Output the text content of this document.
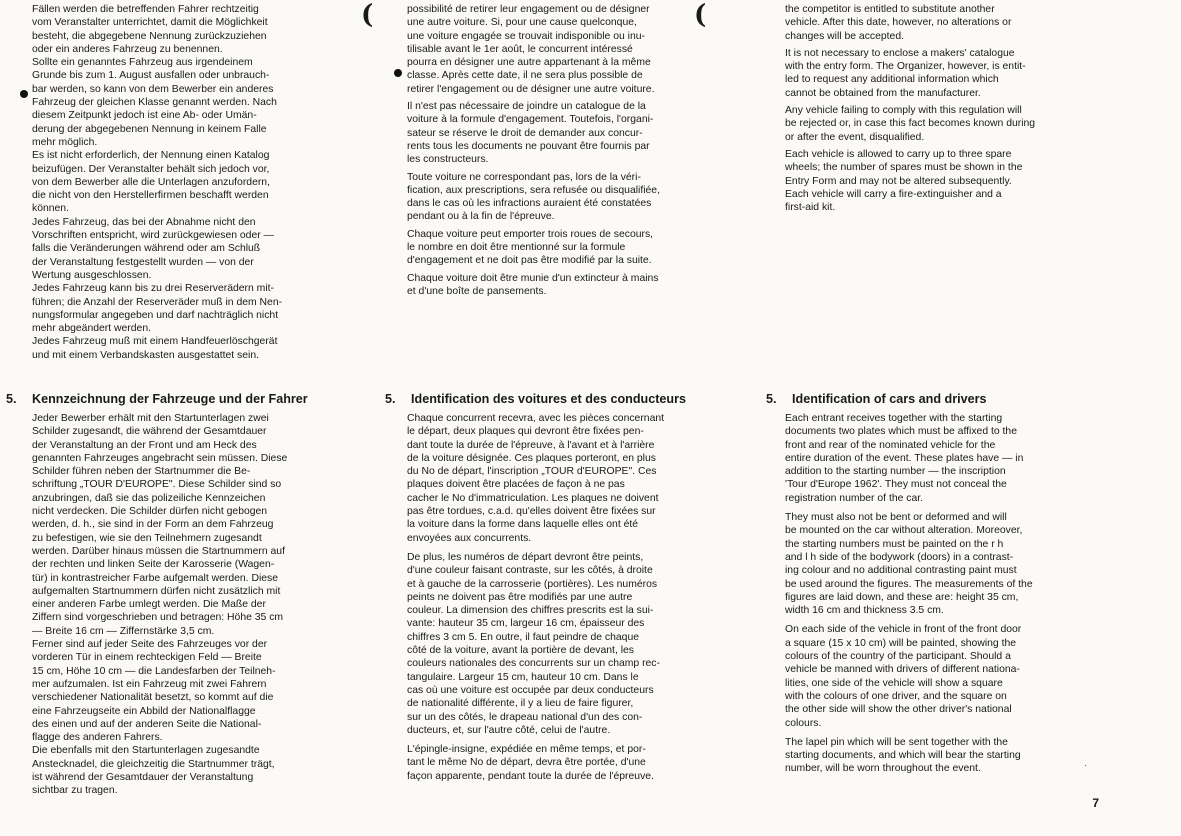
(	(

Fällen werden die betreffenden Fahrer rechtzeitig
vom Veranstalter unterrichtet, damit die Möglichkeit
besteht, die abgegebene Nennung zurückzuziehen
oder ein anderes Fahrzeug zu benennen.
Sollte ein genanntes Fahrzeug aus irgendeinem
Grunde bis zum 1. August ausfallen oder unbrauch-
bar werden, so kann von dem Bewerber ein anderes
Fahrzeug der gleichen Klasse genannt werden. Nach
diesem Zeitpunkt jedoch ist eine Ab- oder Umän-
derung der abgegebenen Nennung in keinem Falle
mehr möglich.
Es ist nicht erforderlich, der Nennung einen Katalog
beizufügen. Der Veranstalter behält sich jedoch vor,
von dem Bewerber alle die Unterlagen anzufordern,
die nicht von den Herstellerfirmen beschafft werden
können.
Jedes Fahrzeug, das bei der Abnahme nicht den
Vorschriften entspricht, wird zurückgewiesen oder —
falls die Veränderungen während oder am Schluß
der Veranstaltung festgestellt wurden — von der
Wertung ausgeschlossen.
Jedes Fahrzeug kann bis zu drei Reserverädern mit-
führen; die Anzahl der Reserveräder muß in dem Nen-
nungsformular angegeben und darf nachträglich nicht
mehr abgeändert werden.
Jedes Fahrzeug muß mit einem Handfeuerlöschgerät
und mit einem Verbandskasten ausgestattet sein.

5. Kennzeichnung der Fahrzeuge und der Fahrer

Jeder Bewerber erhält mit den Startunterlagen zwei
Schilder zugesandt, die während der Gesamtdauer
der Veranstaltung an der Front und am Heck des
genannten Fahrzeuges angebracht sein müssen. Diese
Schilder führen neben der Startnummer die Be-
schriftung „TOUR D'EUROPE". Diese Schilder sind so
anzubringen, daß sie das polizeiliche Kennzeichen
nicht verdecken. Die Schilder dürfen nicht gebogen
werden, d. h., sie sind in der Form an dem Fahrzeug
zu befestigen, wie sie den Teilnehmern zugesandt
werden. Darüber hinaus müssen die Startnummern auf
der rechten und linken Seite der Karosserie (Wagen-
tür) in kontrastreicher Farbe aufgemalt werden. Diese
aufgemalten Startnummern dürfen nicht zusätzlich mit
einer anderen Farbe umlegt werden. Die Maße der
Ziffern sind vorgeschrieben und betragen: Höhe 35 cm
— Breite 16 cm — Ziffernstärke 3,5 cm.
Ferner sind auf jeder Seite des Fahrzeuges vor der
vorderen Tür in einem rechteckigen Feld — Breite
15 cm, Höhe 10 cm — die Landesfarben der Teilneh-
mer aufzumalen. Ist ein Fahrzeug mit zwei Fahrern
verschiedener Nationalität besetzt, so kommt auf die
eine Fahrzeugseite ein Abbild der Nationalflagge
des einen und auf der anderen Seite die National-
flagge des anderen Fahrers.
Die ebenfalls mit den Startunterlagen zugesandte
Anstecknadel, die gleichzeitig die Startnummer trägt,
ist während der Gesamtdauer der Veranstaltung
sichtbar zu tragen.

possibilité de retirer leur engagement ou de désigner
une autre voiture. Si, pour une cause quelconque,
une voiture engagée se trouvait indisponible ou inu-
tilisable avant le 1er août, le concurrent intéressé
pourra en désigner une autre appartenant à la même
classe. Après cette date, il ne sera plus possible de
retirer l'engagement ou de désigner une autre voiture.

Il n'est pas nécessaire de joindre un catalogue de la
voiture à la formule d'engagement. Toutefois, l'organi-
sateur se réserve le droit de demander aux concur-
rents tous les documents ne pouvant être fournis par
les constructeurs.

Toute voiture ne correspondant pas, lors de la véri-
fication, aux prescriptions, sera refusée ou disqualifiée,
dans le cas où les infractions auraient été constatées
pendant ou à la fin de l'épreuve.

Chaque voiture peut emporter trois roues de secours,
le nombre en doit être mentionné sur la formule
d'engagement et ne doit pas être modifié par la suite.

Chaque voiture doit être munie d'un extincteur à mains
et d'une boîte de pansements.

5. Identification des voitures et des conducteurs

Chaque concurrent recevra, avec les pièces concernant
le départ, deux plaques qui devront être fixées pen-
dant toute la durée de l'épreuve, à l'avant et à l'arrière
de la voiture désignée. Ces plaques porteront, en plus
du No de départ, l'inscription „TOUR d'EUROPE". Ces
plaques doivent être placées de façon à ne pas
cacher le No d'immatriculation. Les plaques ne doivent
pas être tordues, c.a.d. qu'elles doivent être fixées sur
la voiture dans la forme dans laquelle elles ont été
envoyées aux concurrents.

De plus, les numéros de départ devront être peints,
d'une couleur faisant contraste, sur les côtés, à droite
et à gauche de la carrosserie (portières). Les numéros
peints ne doivent pas être modifiés par une autre
couleur. La dimension des chiffres prescrits est la sui-
vante: hauteur 35 cm, largeur 16 cm, épaisseur des
chiffres 3 cm 5. En outre, il faut peindre de chaque
côté de la voiture, avant la portière de devant, les
couleurs nationales des concurrents sur un champ rec-
tangulaire. Largeur 15 cm, hauteur 10 cm. Dans le
cas où une voiture est occupée par deux conducteurs
de nationalité différente, il y a lieu de faire figurer,
sur un des côtés, le drapeau national d'un des con-
ducteurs, et, sur l'autre côté, celui de l'autre.

L'épingle-insigne, expédiée en même temps, et por-
tant le même No de départ, devra être portée, d'une
façon apparente, pendant toute la durée de l'épreuve.

the competitor is entitled to substitute another
vehicle. After this date, however, no alterations or
changes will be accepted.

It is not necessary to enclose a makers' catalogue
with the entry form. The Organizer, however, is entit-
led to request any additional information which
cannot be obtained from the manufacturer.

Any vehicle failing to comply with this regulation will
be rejected or, in case this fact becomes known during
or after the event, disqualified.

Each vehicle is allowed to carry up to three spare
wheels; the number of spares must be shown in the
Entry Form and may not be altered subsequently.
Each vehicle will carry a fire-extinguisher and a
first-aid kit.

5. Identification of cars and drivers

Each entrant receives together with the starting
documents two plates which must be affixed to the
front and rear of the nominated vehicle for the
entire duration of the event. These plates have — in
addition to the starting number — the inscription
'Tour d'Europe 1962'. They must not conceal the
registration number of the car.

They must also not be bent or deformed and will
be mounted on the car without alteration. Moreover,
the starting numbers must be painted on the r h
and l h side of the bodywork (doors) in a contrast-
ing colour and no additional contrasting paint must
be used around the figures. The measurements of the
figures are laid down, and these are: height 35 cm,
width 16 cm and thickness 3.5 cm.

On each side of the vehicle in front of the front door
a square (15 x 10 cm) will be painted, showing the
colours of the country of the participant. Should a
vehicle be manned with drivers of different nationa-
lities, one side of the vehicle will show a square
with the colours of one driver, and the square on
the other side will show the other driver's national
colours.

The lapel pin which will be sent together with the
starting documents, and which will bear the starting
number, will be worn throughout the event.	·
7
